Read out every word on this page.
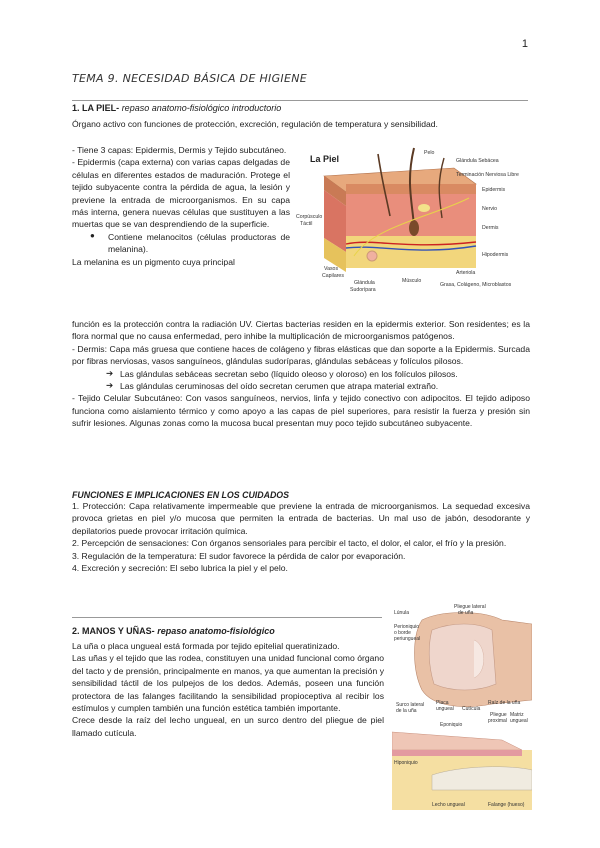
1
TEMA 9. NECESIDAD BÁSICA DE HIGIENE
1. LA PIEL- repaso anatomo-fisiológico introductorio

Órgano activo con funciones de protección, excreción, regulación de temperatura y sensibilidad.

- Tiene 3 capas: Epidermis, Dermis y Tejido subcutáneo.

- Epidermis (capa externa) con varias capas delgadas de células en diferentes estados de maduración. Protege el tejido subyacente contra la pérdida de agua, la lesión y previene la entrada de microorganismos. En su capa más interna, genera nuevas células que sustituyen a las muertas que se van desprendiendo de la superficie.

●	Contiene melanocitos (células productoras de melanina).

La melanina es un pigmento cuya principal

La Piel
Pelo
Glándula Sebácea
Terminación Nerviosa Libre
Epidermis
Nervio
Dermis
Hipodermis
Corpúsculo
Táctil
Vasos
Capilares
Glándula
Sudorípara
Músculo
Arteriola
Grasa, Colágeno, Microblastos

función es la protección contra la radiación UV. Ciertas bacterias residen en la epidermis exterior. Son residentes; es la flora normal que no causa enfermedad, pero inhibe la multiplicación de microorganismos patógenos.

- Dermis: Capa más gruesa que contiene haces de colágeno y fibras elásticas que dan soporte a la Epidermis. Surcada por fibras nerviosas, vasos sanguíneos, glándulas sudoríparas, glándulas sebáceas y folículos pilosos.

➔ Las glándulas sebáceas secretan sebo (líquido oleoso y oloroso) en los folículos pilosos.

➔ Las glándulas ceruminosas del oído secretan cerumen que atrapa material extraño.

- Tejido Celular Subcutáneo: Con vasos sanguíneos, nervios, linfa y tejido conectivo con adipocitos. El tejido adiposo funciona como aislamiento térmico y como apoyo a las capas de piel superiores, para resistir la fuerza y presión sin sufrir lesiones. Algunas zonas como la mucosa bucal presentan muy poco tejido subcutáneo subyacente.

FUNCIONES E IMPLICACIONES EN LOS CUIDADOS

1. Protección: Capa relativamente impermeable que previene la entrada de microorganismos. La sequedad excesiva provoca grietas en piel y/o mucosa que permiten la entrada de bacterias. Un mal uso de jabón, desodorante y depilatorios puede provocar irritación química.

2. Percepción de sensaciones: Con órganos sensoriales para percibir el tacto, el dolor, el calor, el frío y la presión.

3. Regulación de la temperatura: El sudor favorece la pérdida de calor por evaporación.

4. Excreción y secreción: El sebo lubrica la piel y el pelo.

2. MANOS Y UÑAS- repaso anatomo-fisiológico

La uña o placa ungueal está formada por tejido epitelial queratinizado.

Las uñas y el tejido que las rodea, constituyen una unidad funcional como órgano del tacto y de prensión, principalmente en manos, ya que aumentan la precisión y sensibilidad táctil de los pulpejos de los dedos. Además, poseen una función protectora de las falanges facilitando la sensibilidad propioceptiva al recibir los estímulos y cumplen también una función estética también importante.

Crece desde la raíz del lecho ungueal, en un surco dentro del pliegue de piel llamado cutícula.

Lúnula
Pliegue lateral
de uña
Perioniquio
o borde
periungueal
Surco lateral
de la uña
Placa
ungueal Cutícula
Raíz de la uña
Pliegue
proximal
Matriz
ungueal
Eponiquio
Hiponiquio
Lecho ungueal	Falange (hueso)
